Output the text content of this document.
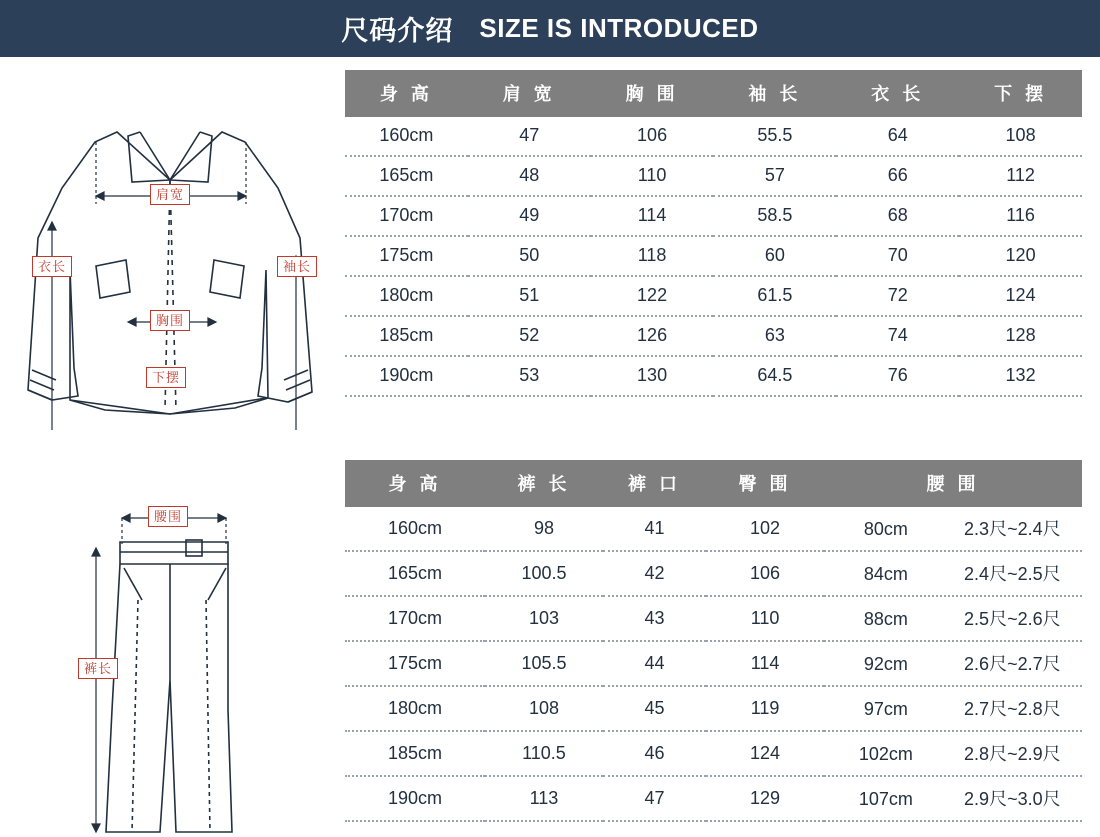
尺码介绍 SIZE IS INTRODUCED
肩宽
胸围
下摆
衣长	袖长
身 高	肩 宽	胸 围	袖 长	衣 长	下 摆
160cm	47	106	55.5	64	108
165cm	48	110	57	66	112
170cm	49	114	58.5	68	116
175cm	50	118	60	70	120
180cm	51	122	61.5	72	124
185cm	52	126	63	74	128
190cm	53	130	64.5	76	132
腰围
裤长
身 高	裤 长	裤 口	臀 围	腰 围
160cm	98	41	102	80cm 2.3尺~2.4尺
165cm	100.5	42	106	84cm 2.4尺~2.5尺
170cm	103	43	110	88cm 2.5尺~2.6尺
175cm	105.5	44	114	92cm 2.6尺~2.7尺
180cm	108	45	119	97cm 2.7尺~2.8尺
185cm	110.5	46	124	102cm 2.8尺~2.9尺
190cm	113	47	129	107cm 2.9尺~3.0尺
